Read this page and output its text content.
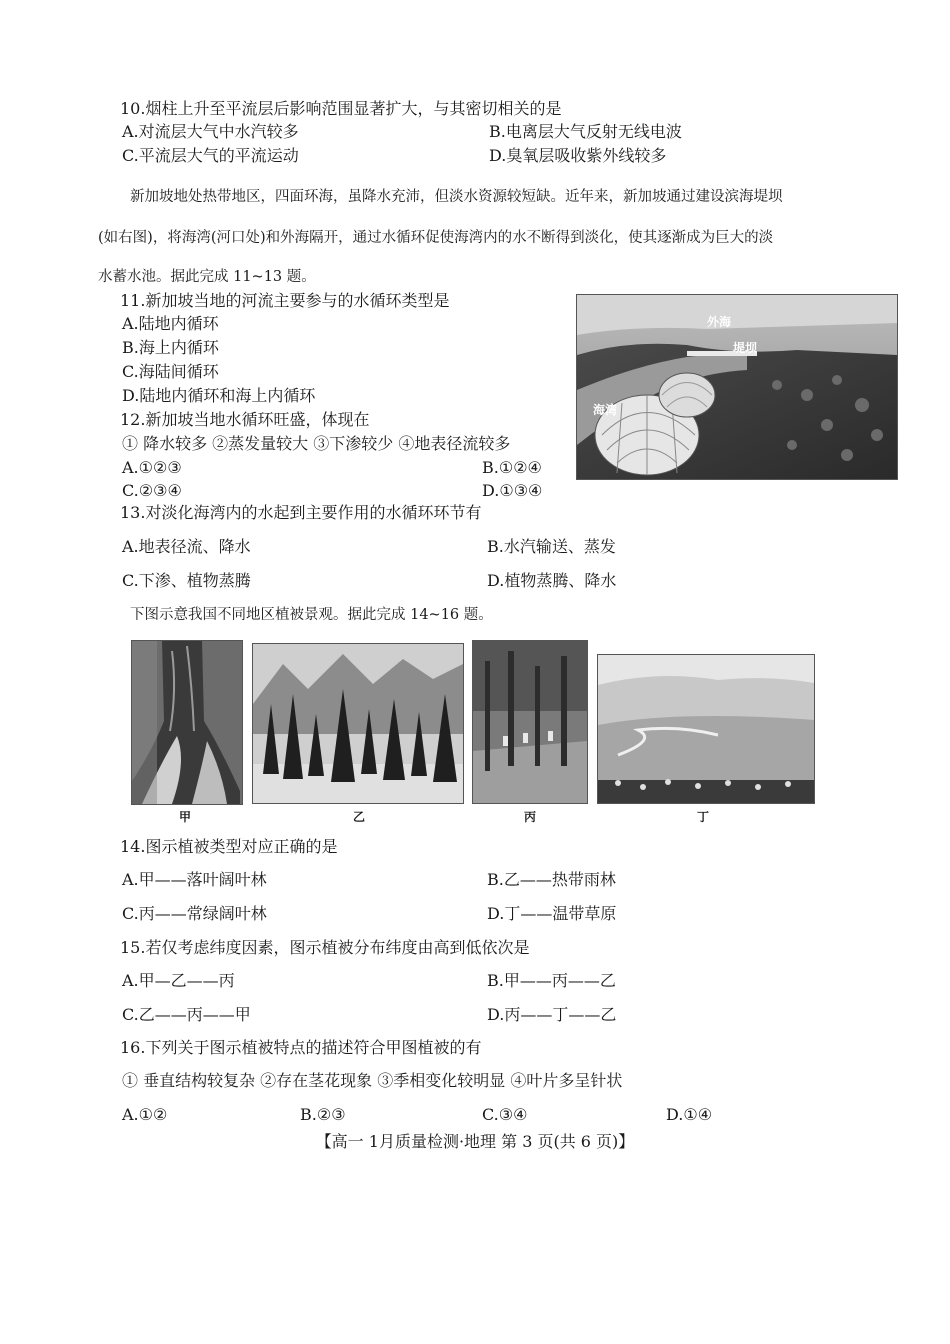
10.烟柱上升至平流层后影响范围显著扩大，与其密切相关的是
A.对流层大气中水汽较多	B.电离层大气反射无线电波
C.平流层大气的平流运动	D.臭氧层吸收紫外线较多
新加坡地处热带地区，四面环海，虽降水充沛，但淡水资源较短缺。近年来，新加坡通过建设滨海堤坝
(如右图)，将海湾(河口处)和外海隔开，通过水循环促使海湾内的水不断得到淡化，使其逐渐成为巨大的淡
水蓄水池。据此完成 11~13 题。
11.新加坡当地的河流主要参与的水循环类型是
A.陆地内循环
B.海上内循环
C.海陆间循环
D.陆地内循环和海上内循环
12.新加坡当地水循环旺盛，体现在
① 降水较多 ②蒸发量较大 ③下渗较少 ④地表径流较多
A.①②③	B.①②④
C.②③④	D.①③④
外海
堤坝
海湾
13.对淡化海湾内的水起到主要作用的水循环环节有
A.地表径流、降水	B.水汽输送、蒸发
C.下渗、植物蒸腾	D.植物蒸腾、降水
下图示意我国不同地区植被景观。据此完成 14~16 题。
甲	乙	丙	丁
14.图示植被类型对应正确的是
A.甲——落叶阔叶林	B.乙——热带雨林
C.丙——常绿阔叶林	D.丁——温带草原
15.若仅考虑纬度因素，图示植被分布纬度由高到低依次是
A.甲—乙——丙	B.甲——丙——乙
C.乙——丙——甲	D.丙——丁——乙
16.下列关于图示植被特点的描述符合甲图植被的有
① 垂直结构较复杂 ②存在茎花现象 ③季相变化较明显 ④叶片多呈针状
A.①②	B.②③	C.③④	D.①④
【高一 1月质量检测·地理 第 3 页(共 6 页)】
